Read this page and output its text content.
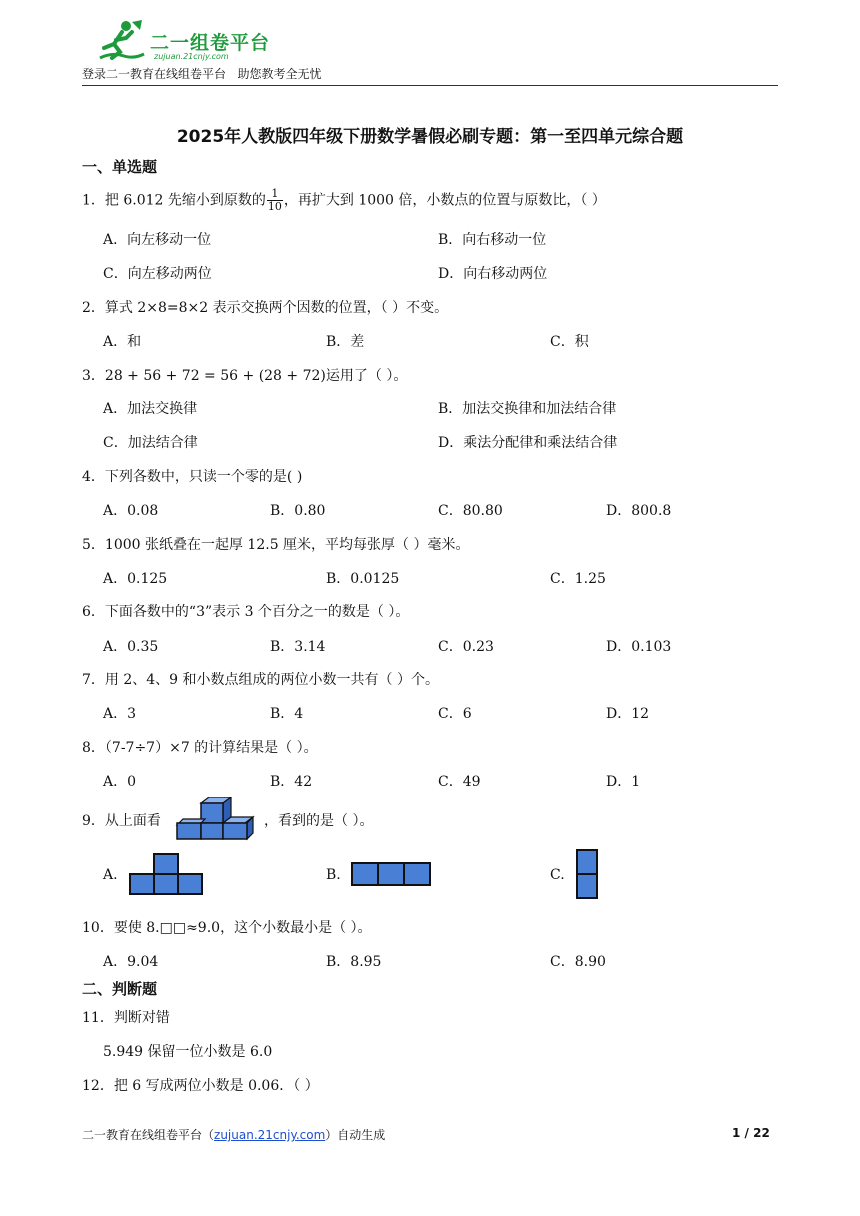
二一组卷平台
zujuan.21cnjy.com
登录二一教育在线组卷平台   助您教考全无忧
2025年人教版四年级下册数学暑假必刷专题：第一至四单元综合题
一、单选题
1．把 6.012 先缩小到原数的 $\frac{1}{10}$ ，再扩大到 1000 倍，小数点的位置与原数比，（ ）
A．向左移动一位	B．向右移动一位
C．向左移动两位	D．向右移动两位
2．算式 2×8=8×2 表示交换两个因数的位置，（ ）不变。
A．和	B．差	C．积
3．28 + 56 + 72 = 56 + (28 + 72)运用了（ ）。
A．加法交换律	B．加法交换律和加法结合律
C．加法结合律	D．乘法分配律和乘法结合律
4．下列各数中，只读一个零的是( )
A．0.08	B．0.80	C．80.80	D．800.8
5．1000 张纸叠在一起厚 12.5 厘米，平均每张厚（ ）毫米。
A．0.125	B．0.0125	C．1.25
6．下面各数中的“3”表示 3 个百分之一的数是（ ）。
A．0.35	B．3.14	C．0.23	D．0.103
7．用 2、4、9 和小数点组成的两位小数一共有（ ）个。
A．3	B．4	C．6	D．12
8．（7-7÷7）×7 的计算结果是（ ）。
A．0	B．42	C．49	D．1
9．从上面看	，看到的是（ ）。
A.	B.	C.
10．要使 8.□□≈9.0，这个小数最小是（ ）。
A．9.04	B．8.95	C．8.90
二、判断题
11．判断对错
5.949 保留一位小数是 6.0
12．把 6 写成两位小数是 0.06．（ ）
二一教育在线组卷平台（zujuan.21cnjy.com）自动生成	1 / 22
